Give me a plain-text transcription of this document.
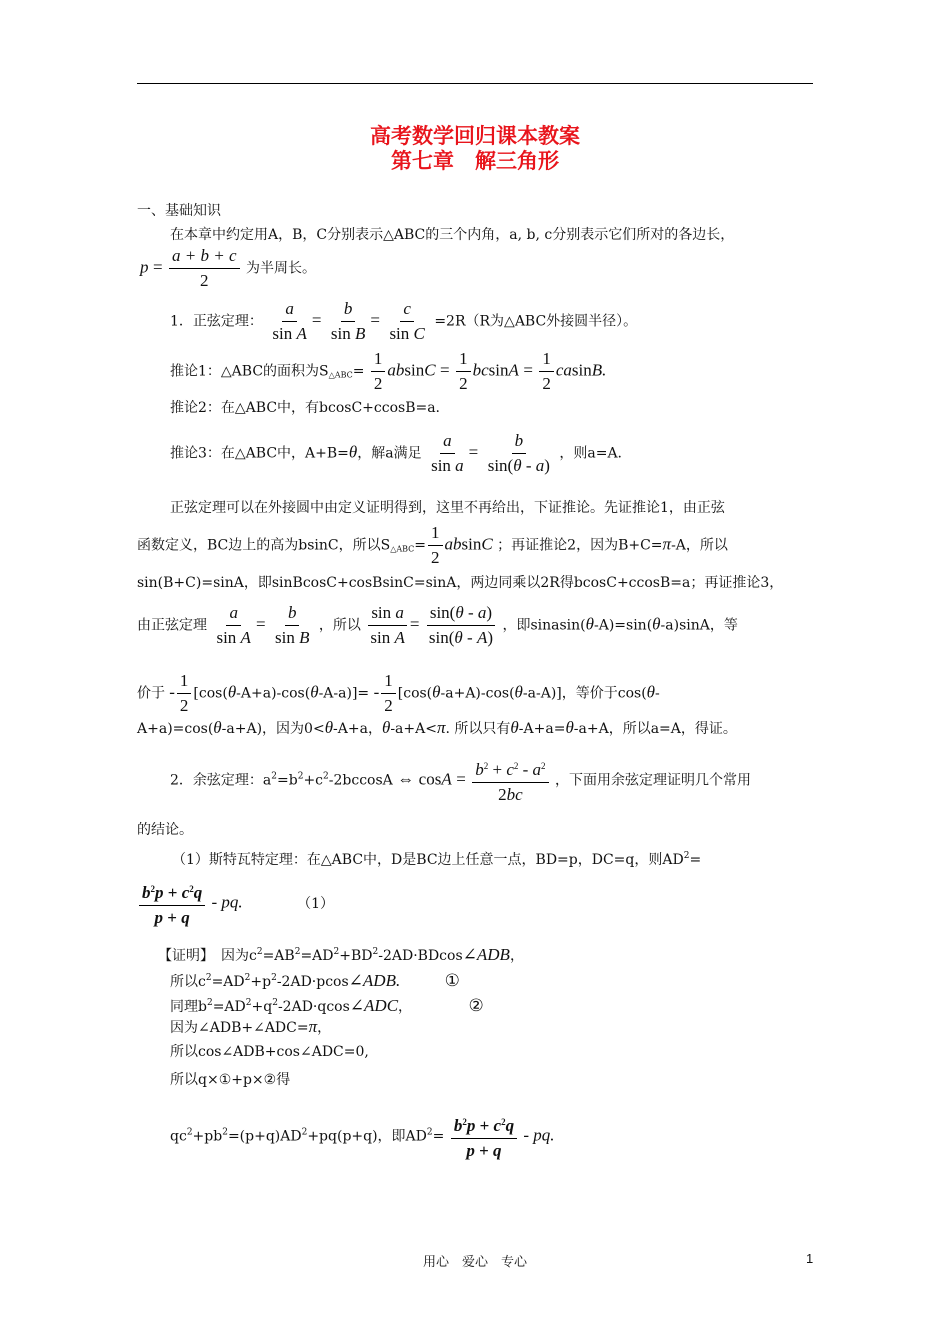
高考数学回归课本教案
第七章　解三角形
一、基础知识
在本章中约定用A，B，C分别表示△ABC的三个内角，a, b, c分别表示它们所对的各边长，
$p = \frac{a + b + c}{2}$ 为半周长。
1．正弦定理： $\frac{a}{\text{sin A}} = \frac{b}{\text{sin B}} = \frac{c}{\text{sin C}} =2R(R$为△ABC外接圆半径）。
推论1：△ABC的面积为$S_{\triangle ABC}= \frac{1}{2}$ $absinC = \frac{1}{2}$ $bcsinA = \frac{1}{2} casinB$.
推论2：在△ABC中，有bcosC+ccosB=a.
推论3：在△ABC中，A+B=θ，解a满足 $\frac{a}{\text{sin a}} = \frac{b}{\sin(\theta - a)}$ ，则a=A.
正弦定理可以在外接圆中由定义证明得到，这里不再给出，下证推论。先证推论1，由正弦
函数定义，BC边上的高为bsinC，所以$S_{\triangle ABC}= \frac{1}{2}$ absinC ；再证推论2，因为B+C=π-A，所以
sin(B+C)=sinA，即sinBcosC+cosBsinC=sinA，两边同乘以2R得bcosC+ccosB=a；再证推论3，
由正弦定理 $\frac{a}{\text{sin A}} = \frac{b}{\text{sin B}}$ ，所以 $\frac{\text{sin a}}{\text{sin A}} = \frac{\sin(\theta - a)}{\sin(\theta - A)}$ ，即sinasin(θ-A)=sin(θ-a)sinA，等
价于 - $\frac{1}{2} [\cos(\theta-A+a)-\cos(\theta-A-a)]= - \frac{1}{2} [\cos(\theta-a+A)-\cos(\theta-a-A)]$，等价于cos(θ-
A+a)=cos(θ-a+A)，因为0<θ-A+a，θ-a+A<π. 所以只有θ-A+a=θ-a+A，所以a=A，得证。
2．余弦定理：$a^2=b^2+c^2-2bccosA$ ⇔ $\cos A = \frac{b^2 + c^2 - a^2}{2bc}$ ，下面用余弦定理证明几个常用
的结论。
（1）斯特瓦特定理：在△ABC中，D是BC边上任意一点，BD=p，DC=q，则$AD^2=$
$\frac{b^2p + c^2q}{p + q}$ - pq.	（1）
【证明】　 因为$c^2=AB^2=AD^2+BD^2-2AD\cdot BDcos\angle ADB$，
所以$c^2=AD^2+p^2-2AD\cdot pcos\angle ADB$.	①
同理$b^2=AD^2+q^2-2AD\cdot qcos\angle ADC$，	②
因为∠ADB+∠ADC=π，
所以cos∠ADB+cos∠ADC=0,
所以q×①+p×②得
$qc^2+pb^2=(p+q)AD^2+pq(p+q)$，即$AD^2= \frac{b^2p + c^2q}{p + q}$ - pq.
用心　爱心　专心	1
